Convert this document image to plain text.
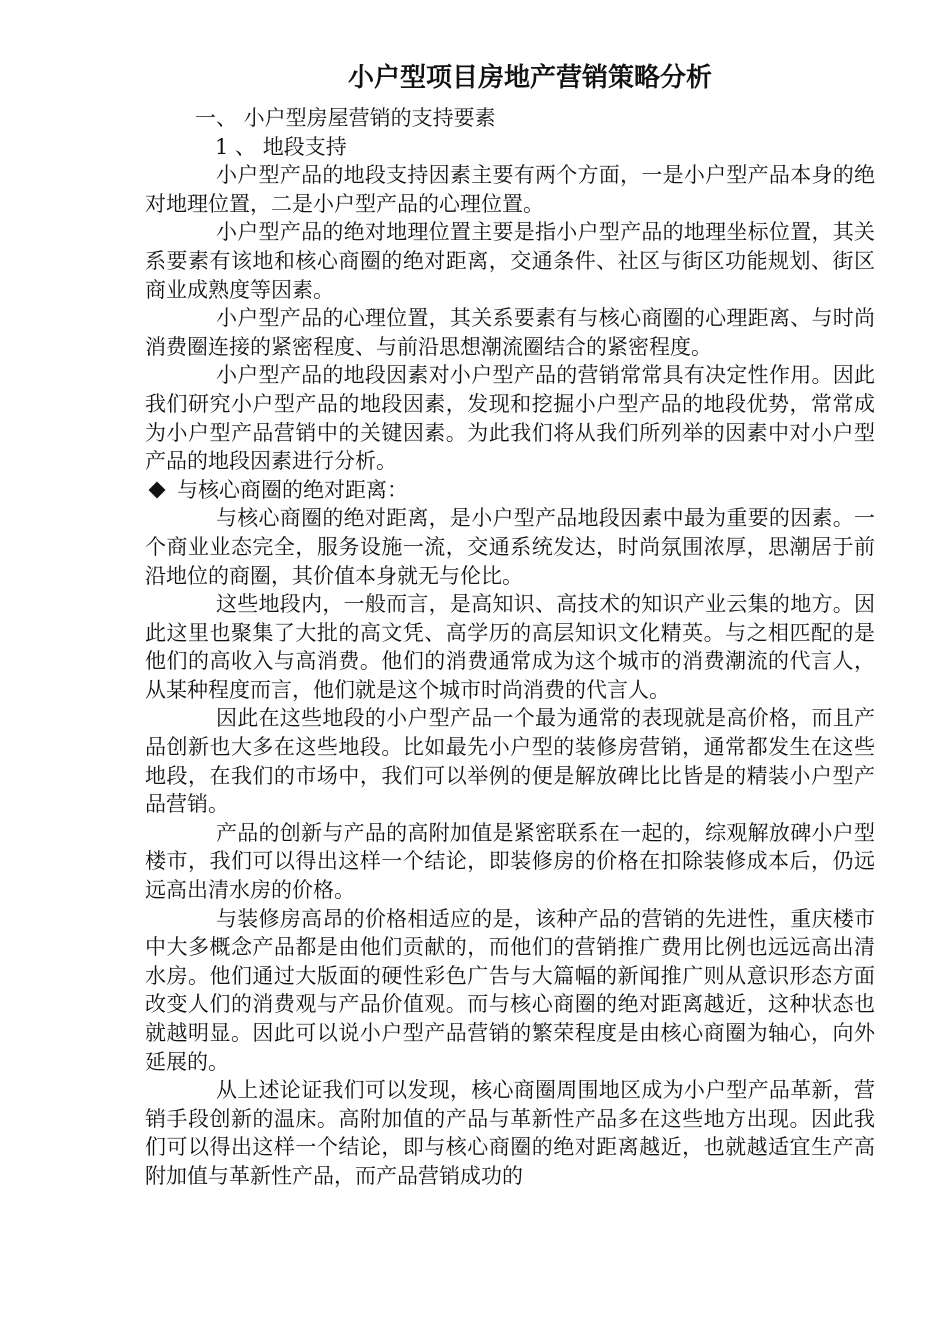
小户型项目房地产营销策略分析

一、 小户型房屋营销的支持要素

1 、 地段支持

小户型产品的地段支持因素主要有两个方面，一是小户型产品本身的绝对地理位置，二是小户型产品的心理位置。

小户型产品的绝对地理位置主要是指小户型产品的地理坐标位置，其关系要素有该地和核心商圈的绝对距离，交通条件、社区与街区功能规划、街区商业成熟度等因素。

小户型产品的心理位置，其关系要素有与核心商圈的心理距离、与时尚消费圈连接的紧密程度、与前沿思想潮流圈结合的紧密程度。

小户型产品的地段因素对小户型产品的营销常常具有决定性作用。因此我们研究小户型产品的地段因素，发现和挖掘小户型产品的地段优势，常常成为小户型产品营销中的关键因素。为此我们将从我们所列举的因素中对小户型产品的地段因素进行分析。

与核心商圈的绝对距离：

与核心商圈的绝对距离，是小户型产品地段因素中最为重要的因素。一个商业业态完全，服务设施一流，交通系统发达，时尚氛围浓厚，思潮居于前沿地位的商圈，其价值本身就无与伦比。

这些地段内，一般而言，是高知识、高技术的知识产业云集的地方。因此这里也聚集了大批的高文凭、高学历的高层知识文化精英。与之相匹配的是他们的高收入与高消费。他们的消费通常成为这个城市的消费潮流的代言人，从某种程度而言，他们就是这个城市时尚消费的代言人。

因此在这些地段的小户型产品一个最为通常的表现就是高价格，而且产品创新也大多在这些地段。比如最先小户型的装修房营销，通常都发生在这些地段，在我们的市场中，我们可以举例的便是解放碑比比皆是的精装小户型产品营销。

产品的创新与产品的高附加值是紧密联系在一起的，综观解放碑小户型楼市，我们可以得出这样一个结论，即装修房的价格在扣除装修成本后，仍远远高出清水房的价格。

与装修房高昂的价格相适应的是，该种产品的营销的先进性，重庆楼市中大多概念产品都是由他们贡献的，而他们的营销推广费用比例也远远高出清水房。他们通过大版面的硬性彩色广告与大篇幅的新闻推广则从意识形态方面改变人们的消费观与产品价值观。而与核心商圈的绝对距离越近，这种状态也就越明显。因此可以说小户型产品营销的繁荣程度是由核心商圈为轴心，向外延展的。

从上述论证我们可以发现，核心商圈周围地区成为小户型产品革新，营销手段创新的温床。高附加值的产品与革新性产品多在这些地方出现。因此我们可以得出这样一个结论，即与核心商圈的绝对距离越近，也就越适宜生产高附加值与革新性产品，而产品营销成功的
